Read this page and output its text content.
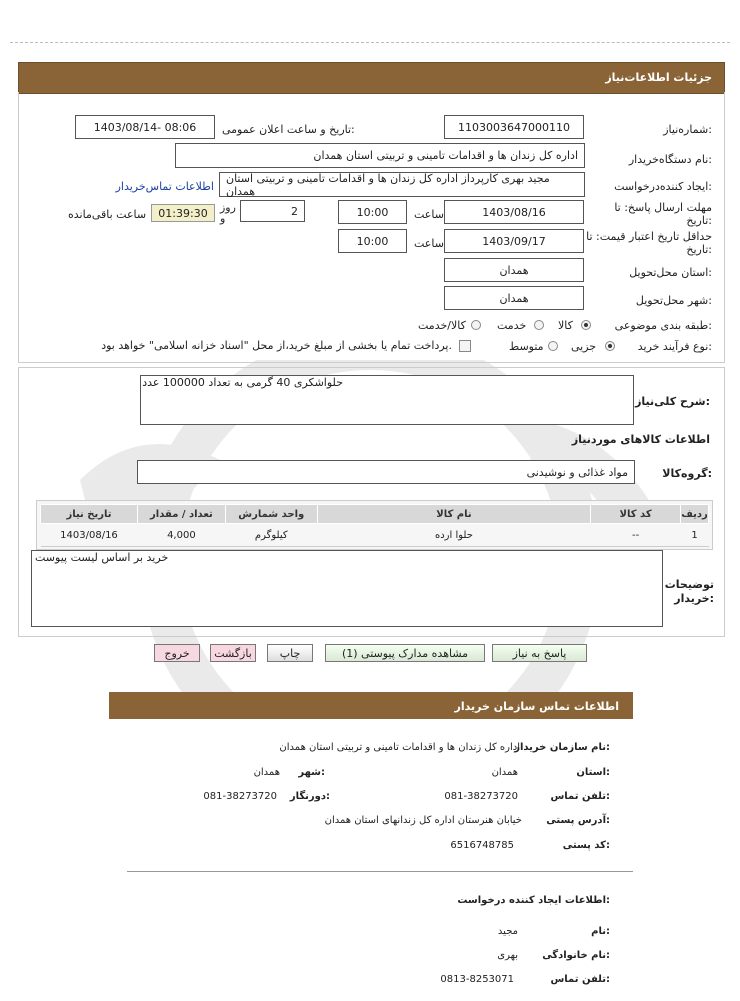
جزئیات اطلاعات‌نیاز
شماره‌نیاز:
1103003647000110
تاریخ و ساعت اعلان عمومی:
1403/08/14- 08:06
نام دستگاه‌خریدار:
اداره کل زندان ها و اقدامات تامینی و تربیتی استان همدان
ایجاد کننده‌درخواست:
مجید بهری کارپرداز اداره کل زندان ها و اقدامات تامینی و تربیتی استان همدان
اطلاعات تماس‌خریدار
مهلت ارسال پاسخ: تا
تاریخ:
1403/08/16
ساعت
10:00
2
روز و
01:39:30
ساعت باقی‌مانده
حداقل تاریخ اعتبار قیمت: تا
تاریخ:
1403/09/17
ساعت
10:00
استان محل‌تحویل:
همدان
شهر محل‌تحویل:
همدان
طبقه بندی موضوعی:
کالا
خدمت
کالا/خدمت
نوع فرآیند خرید:
جزیی
متوسط
پرداخت تمام یا بخشی از مبلغ خرید،از محل "اسناد خزانه اسلامی" خواهد بود.
شرح کلی‌نیاز:
حلواشکری 40 گرمی به تعداد 100000 عدد
اطلاعات کالاهای موردنیاز
گروه‌کالا:
مواد غذائی و نوشیدنی
ردیف	کد کالا	نام کالا	واحد شمارش	تعداد / مقدار	تاریخ نیاز
1	--	حلوا ارده	کیلوگرم	4,000	1403/08/16
توضیحات
خریدار:
خرید بر اساس لیست پیوست
پاسخ به نیاز
مشاهده مدارک پیوستی (1)
چاپ
بازگشت
خروج
اطلاعات تماس سازمان خریدار
نام سازمان خریدار:
اداره کل زندان ها و اقدامات تامینی و تربیتی استان همدان
استان:
همدان
شهر:
همدان
تلفن تماس:
081-38273720
دورنگار:
081-38273720
آدرس پستی:
خیابان هنرستان اداره کل زندانهای استان همدان
کد پستی:
6516748785
اطلاعات ایجاد کننده درخواست:
نام:
مجید
نام خانوادگی:
بهری
تلفن تماس:
0813-8253071
